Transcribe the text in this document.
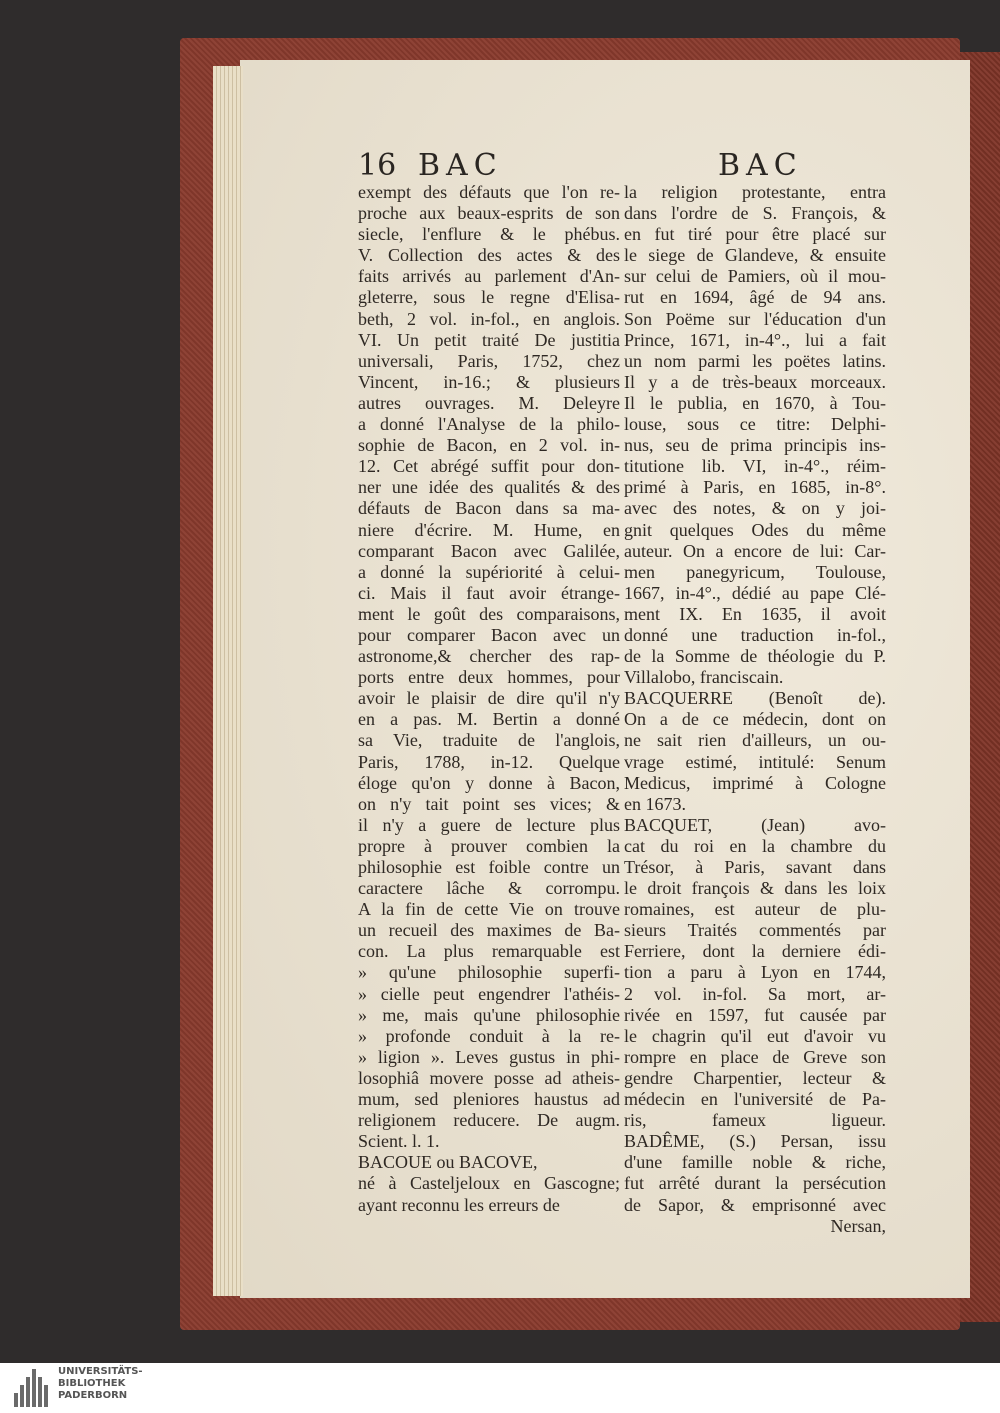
16 BAC	BAC
exempt des défauts que l'on re-
proche aux beaux-esprits de son
siecle, l'enflure & le phébus.
V. Collection des actes & des
faits arrivés au parlement d'An-
gleterre, sous le regne d'Elisa-
beth, 2 vol. in-fol., en anglois.
VI. Un petit traité De justitia
universali, Paris, 1752, chez
Vincent, in-16.; & plusieurs
autres ouvrages. M. Deleyre
a donné l'Analyse de la philo-
sophie de Bacon, en 2 vol. in-
12. Cet abrégé suffit pour don-
ner une idée des qualités & des
défauts de Bacon dans sa ma-
niere d'écrire. M. Hume, en
comparant Bacon avec Galilée,
a donné la supériorité à celui-
ci. Mais il faut avoir étrange-
ment le goût des comparaisons,
pour comparer Bacon avec un
astronome,& chercher des rap-
ports entre deux hommes, pour
avoir le plaisir de dire qu'il n'y
en a pas. M. Bertin a donné
sa Vie, traduite de l'anglois,
Paris, 1788, in-12. Quelque
éloge qu'on y donne à Bacon,
on n'y tait point ses vices; &
il n'y a guere de lecture plus
propre à prouver combien la
philosophie est foible contre un
caractere lâche & corrompu.
A la fin de cette Vie on trouve
un recueil des maximes de Ba-
con. La plus remarquable est
» qu'une philosophie superfi-
» cielle peut engendrer l'athéis-
» me, mais qu'une philosophie
» profonde conduit à la re-
» ligion ». Leves gustus in phi-
losophiâ movere posse ad atheis-
mum, sed pleniores haustus ad
religionem reducere. De augm.
Scient. l. 1.
BACOUE ou BACOVE,
né à Casteljeloux en Gascogne;
ayant reconnu les erreurs de
la religion protestante, entra
dans l'ordre de S. François, &
en fut tiré pour être placé sur
le siege de Glandeve, & ensuite
sur celui de Pamiers, où il mou-
rut en 1694, âgé de 94 ans.
Son Poëme sur l'éducation d'un
Prince, 1671, in-4°., lui a fait
un nom parmi les poëtes latins.
Il y a de très-beaux morceaux.
Il le publia, en 1670, à Tou-
louse, sous ce titre: Delphi-
nus, seu de prima principis ins-
titutione lib. VI, in-4°., réim-
primé à Paris, en 1685, in-8°.
avec des notes, & on y joi-
gnit quelques Odes du même
auteur. On a encore de lui: Car-
men panegyricum, Toulouse,
1667, in-4°., dédié au pape Clé-
ment IX. En 1635, il avoit
donné une traduction in-fol.,
de la Somme de théologie du P.
Villalobo, franciscain.
BACQUERRE (Benoît de).
On a de ce médecin, dont on
ne sait rien d'ailleurs, un ou-
vrage estimé, intitulé: Senum
Medicus, imprimé à Cologne
en 1673.
BACQUET, (Jean) avo-
cat du roi en la chambre du
Trésor, à Paris, savant dans
le droit françois & dans les loix
romaines, est auteur de plu-
sieurs Traités commentés par
Ferriere, dont la derniere édi-
tion a paru à Lyon en 1744,
2 vol. in-fol. Sa mort, ar-
rivée en 1597, fut causée par
le chagrin qu'il eut d'avoir vu
rompre en place de Greve son
gendre Charpentier, lecteur &
médecin en l'université de Pa-
ris, fameux ligueur.
BADÊME, (S.) Persan, issu
d'une famille noble & riche,
fut arrêté durant la persécution
de Sapor, & emprisonné avec
Nersan,
UNIVERSITÄTS-
BIBLIOTHEK
PADERBORN
